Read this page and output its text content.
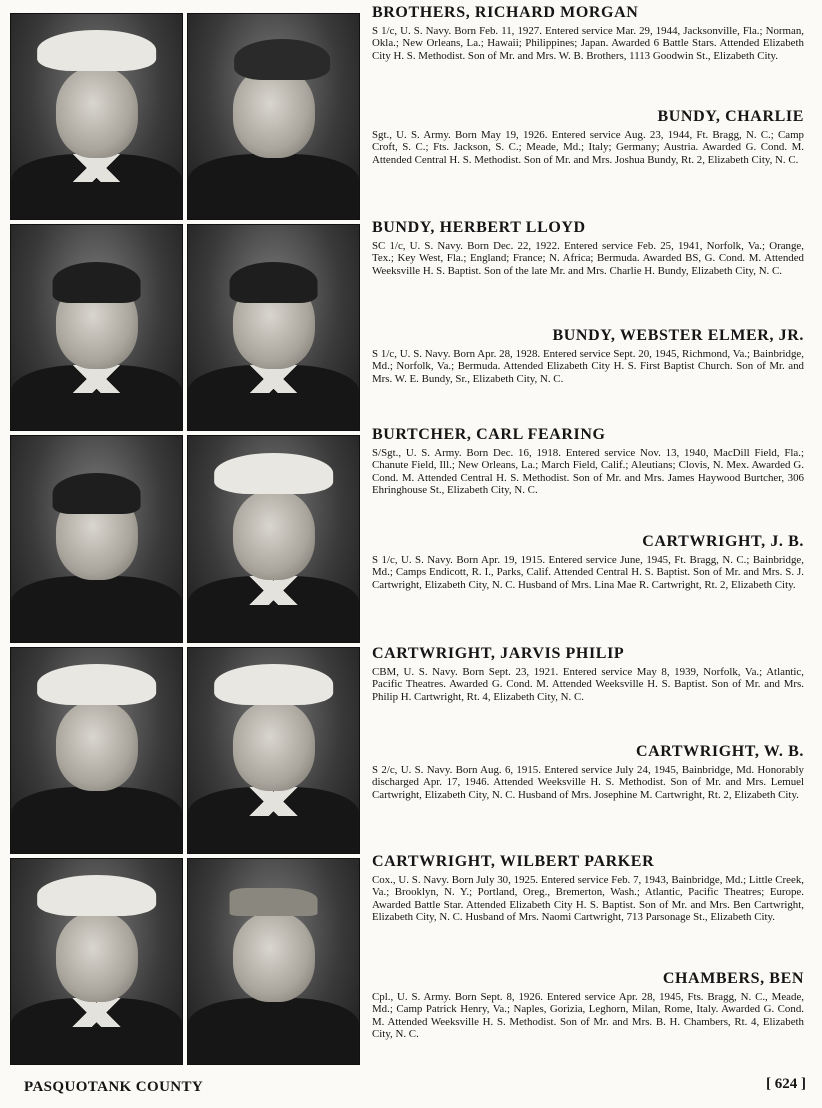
BROTHERS, RICHARD MORGAN
S 1/c, U. S. Navy. Born Feb. 11, 1927. Entered service Mar. 29, 1944, Jacksonville, Fla.; Norman, Okla.; New Orleans, La.; Hawaii; Philippines; Japan. Awarded 6 Battle Stars. Attended Elizabeth City H. S. Methodist. Son of Mr. and Mrs. W. B. Brothers, 1113 Goodwin St., Elizabeth City.
BUNDY, CHARLIE
Sgt., U. S. Army. Born May 19, 1926. Entered service Aug. 23, 1944, Ft. Bragg, N. C.; Camp Croft, S. C.; Fts. Jackson, S. C.; Meade, Md.; Italy; Germany; Austria. Awarded G. Cond. M. Attended Central H. S. Methodist. Son of Mr. and Mrs. Joshua Bundy, Rt. 2, Elizabeth City, N. C.
BUNDY, HERBERT LLOYD
SC 1/c, U. S. Navy. Born Dec. 22, 1922. Entered service Feb. 25, 1941, Norfolk, Va.; Orange, Tex.; Key West, Fla.; England; France; N. Africa; Bermuda. Awarded BS, G. Cond. M. Attended Weeksville H. S. Baptist. Son of the late Mr. and Mrs. Charlie H. Bundy, Elizabeth City, N. C.
BUNDY, WEBSTER ELMER, JR.
S 1/c, U. S. Navy. Born Apr. 28, 1928. Entered service Sept. 20, 1945, Richmond, Va.; Bainbridge, Md.; Norfolk, Va.; Bermuda. Attended Elizabeth City H. S. First Baptist Church. Son of Mr. and Mrs. W. E. Bundy, Sr., Elizabeth City, N. C.
BURTCHER, CARL FEARING
S/Sgt., U. S. Army. Born Dec. 16, 1918. Entered service Nov. 13, 1940, MacDill Field, Fla.; Chanute Field, Ill.; New Orleans, La.; March Field, Calif.; Aleutians; Clovis, N. Mex. Awarded G. Cond. M. Attended Central H. S. Methodist. Son of Mr. and Mrs. James Haywood Burtcher, 306 Ehringhouse St., Elizabeth City, N. C.
CARTWRIGHT, J. B.
S 1/c, U. S. Navy. Born Apr. 19, 1915. Entered service June, 1945, Ft. Bragg, N. C.; Bainbridge, Md.; Camps Endicott, R. I., Parks, Calif. Attended Central H. S. Baptist. Son of Mr. and Mrs. S. J. Cartwright, Elizabeth City, N. C. Husband of Mrs. Lina Mae R. Cartwright, Rt. 2, Elizabeth City.
CARTWRIGHT, JARVIS PHILIP
CBM, U. S. Navy. Born Sept. 23, 1921. Entered service May 8, 1939, Norfolk, Va.; Atlantic, Pacific Theatres. Awarded G. Cond. M. Attended Weeksville H. S. Baptist. Son of Mr. and Mrs. Philip H. Cartwright, Rt. 4, Elizabeth City, N. C.
CARTWRIGHT, W. B.
S 2/c, U. S. Navy. Born Aug. 6, 1915. Entered service July 24, 1945, Bainbridge, Md. Honorably discharged Apr. 17, 1946. Attended Weeksville H. S. Methodist. Son of Mr. and Mrs. Lemuel Cartwright, Elizabeth City, N. C. Husband of Mrs. Josephine M. Cartwright, Rt. 2, Elizabeth City.
CARTWRIGHT, WILBERT PARKER
Cox., U. S. Navy. Born July 30, 1925. Entered service Feb. 7, 1943, Bainbridge, Md.; Little Creek, Va.; Brooklyn, N. Y.; Portland, Oreg., Bremerton, Wash.; Atlantic, Pacific Theatres; Europe. Awarded Battle Star. Attended Elizabeth City H. S. Baptist. Son of Mr. and Mrs. Ben Cartwright, Elizabeth City, N. C. Husband of Mrs. Naomi Cartwright, 713 Parsonage St., Elizabeth City.
CHAMBERS, BEN
Cpl., U. S. Army. Born Sept. 8, 1926. Entered service Apr. 28, 1945, Fts. Bragg, N. C., Meade, Md.; Camp Patrick Henry, Va.; Naples, Gorizia, Leghorn, Milan, Rome, Italy. Awarded G. Cond. M. Attended Weeksville H. S. Methodist. Son of Mr. and Mrs. B. H. Chambers, Rt. 4, Elizabeth City, N. C.
PASQUOTANK COUNTY	[ 624 ]
